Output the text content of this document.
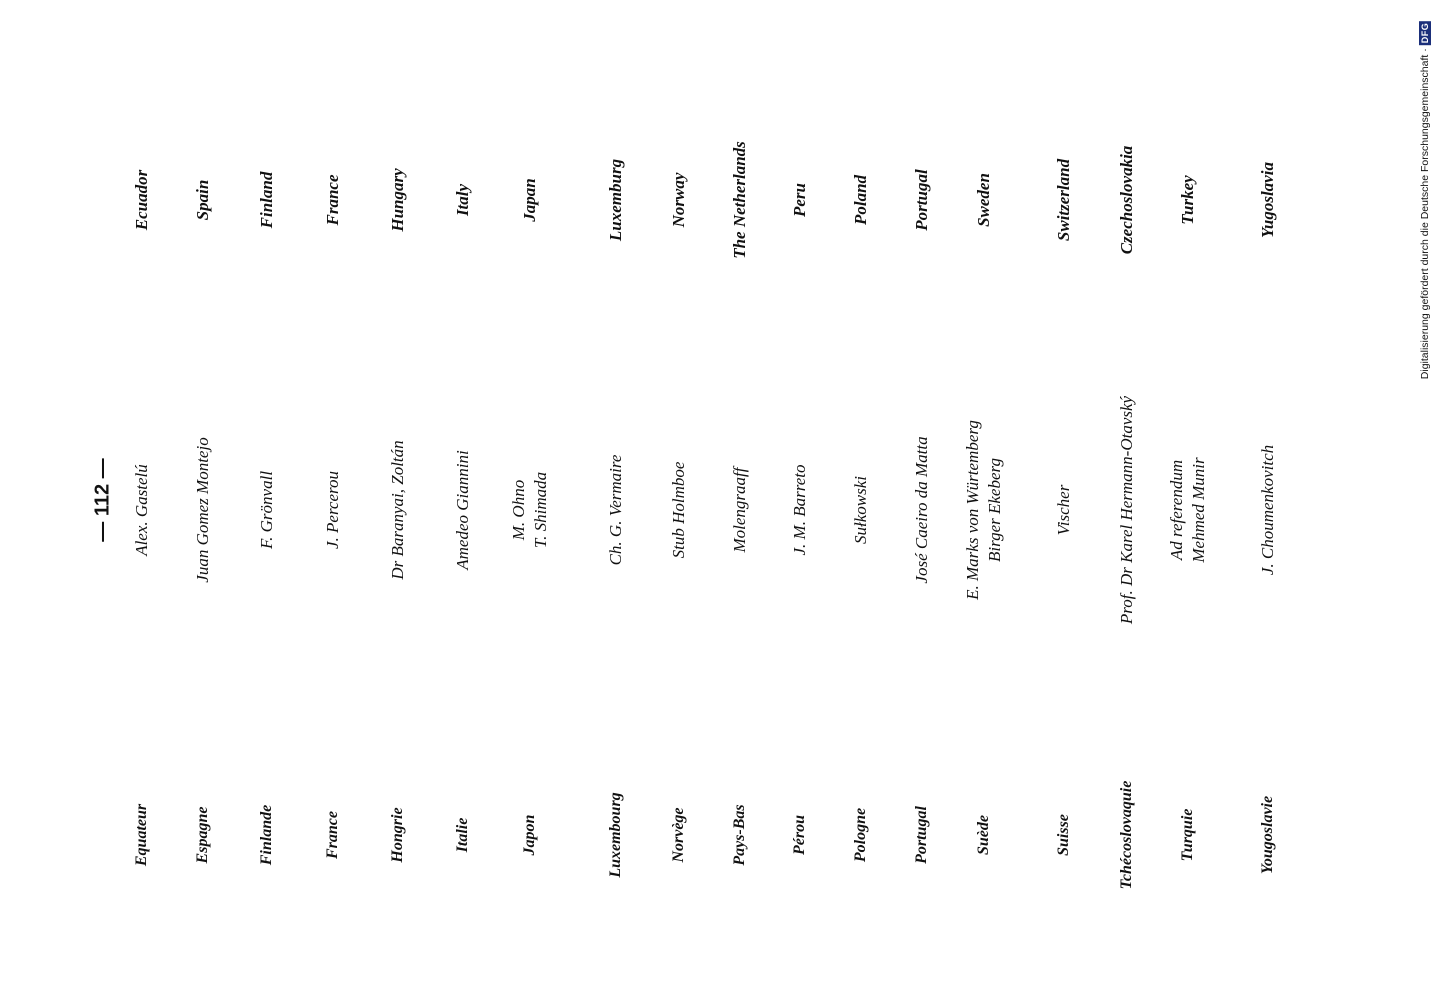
— 112 —
Equateur
Alex. Gastelú
Ecuador
Espagne
Juan Gomez Montejo
Spain
Finlande
F. Grönvall
Finland
France
J. Percerou
France
Hongrie
Dr Baranyai, Zoltán
Hungary
Italie
Amedeo Giannini
Italy
Japon
M. Ohno T. Shimada
Japan
Luxembourg
Ch. G. Vermaire
Luxemburg
Norvège
Stub Holmboe
Norway
Pays-Bas
Molengraaff
The Netherlands
Pérou
J. M. Barreto
Peru
Pologne
Sułkowski
Poland
Portugal
José Caeiro da Matta
Portugal
Suède
E. Marks von Würtemberg Birger Ekeberg
Sweden
Suisse
Vischer
Switzerland
Tchécoslovaquie
Prof. Dr Karel Hermann-Otavský
Czechoslovakia
Turquie
Ad referendum Mehmed Munir
Turkey
Yougoslavie
J. Choumenkovitch
Yugoslavia	Digitalisierung gefördert durch die Deutsche Forschungsgemeinschaft ·
DFG
